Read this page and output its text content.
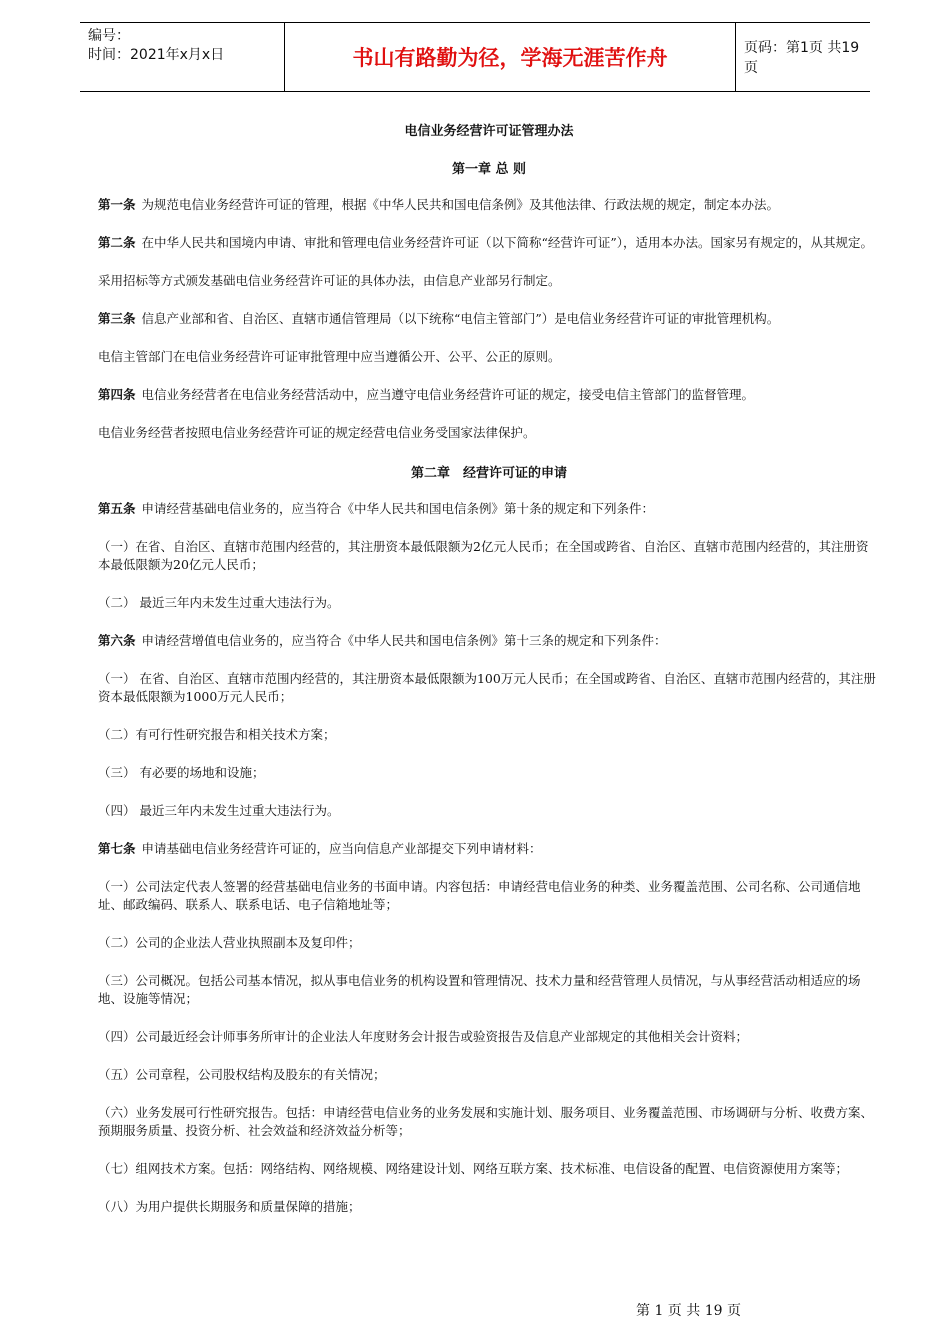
编号：
时间：2021年x月x日	书山有路勤为径，学海无涯苦作舟	页码：第1页 共19页
电信业务经营许可证管理办法
第一章 总 则
第一条 为规范电信业务经营许可证的管理，根据《中华人民共和国电信条例》及其他法律、行政法规的规定，制定本办法。
第二条 在中华人民共和国境内申请、审批和管理电信业务经营许可证（以下简称“经营许可证”），适用本办法。国家另有规定的，从其规定。
采用招标等方式颁发基础电信业务经营许可证的具体办法，由信息产业部另行制定。
第三条 信息产业部和省、自治区、直辖市通信管理局（以下统称“电信主管部门”）是电信业务经营许可证的审批管理机构。
电信主管部门在电信业务经营许可证审批管理中应当遵循公开、公平、公正的原则。
第四条 电信业务经营者在电信业务经营活动中，应当遵守电信业务经营许可证的规定，接受电信主管部门的监督管理。
电信业务经营者按照电信业务经营许可证的规定经营电信业务受国家法律保护。
第二章　经营许可证的申请
第五条 申请经营基础电信业务的，应当符合《中华人民共和国电信条例》第十条的规定和下列条件：
（一）在省、自治区、直辖市范围内经营的，其注册资本最低限额为2亿元人民币；在全国或跨省、自治区、直辖市范围内经营的，其注册资本最低限额为20亿元人民币；
（二） 最近三年内未发生过重大违法行为。
第六条 申请经营增值电信业务的，应当符合《中华人民共和国电信条例》第十三条的规定和下列条件：
（一） 在省、自治区、直辖市范围内经营的，其注册资本最低限额为100万元人民币；在全国或跨省、自治区、直辖市范围内经营的，其注册资本最低限额为1000万元人民币；
（二）有可行性研究报告和相关技术方案；
（三） 有必要的场地和设施；
（四） 最近三年内未发生过重大违法行为。
第七条 申请基础电信业务经营许可证的，应当向信息产业部提交下列申请材料：
（一）公司法定代表人签署的经营基础电信业务的书面申请。内容包括：申请经营电信业务的种类、业务覆盖范围、公司名称、公司通信地址、邮政编码、联系人、联系电话、电子信箱地址等；
（二）公司的企业法人营业执照副本及复印件；
（三）公司概况。包括公司基本情况，拟从事电信业务的机构设置和管理情况、技术力量和经营管理人员情况，与从事经营活动相适应的场地、设施等情况；
（四）公司最近经会计师事务所审计的企业法人年度财务会计报告或验资报告及信息产业部规定的其他相关会计资料；
（五）公司章程，公司股权结构及股东的有关情况；
（六）业务发展可行性研究报告。包括：申请经营电信业务的业务发展和实施计划、服务项目、业务覆盖范围、市场调研与分析、收费方案、预期服务质量、投资分析、社会效益和经济效益分析等；
（七）组网技术方案。包括：网络结构、网络规模、网络建设计划、网络互联方案、技术标准、电信设备的配置、电信资源使用方案等；
（八）为用户提供长期服务和质量保障的措施；
第 1 页 共 19 页
